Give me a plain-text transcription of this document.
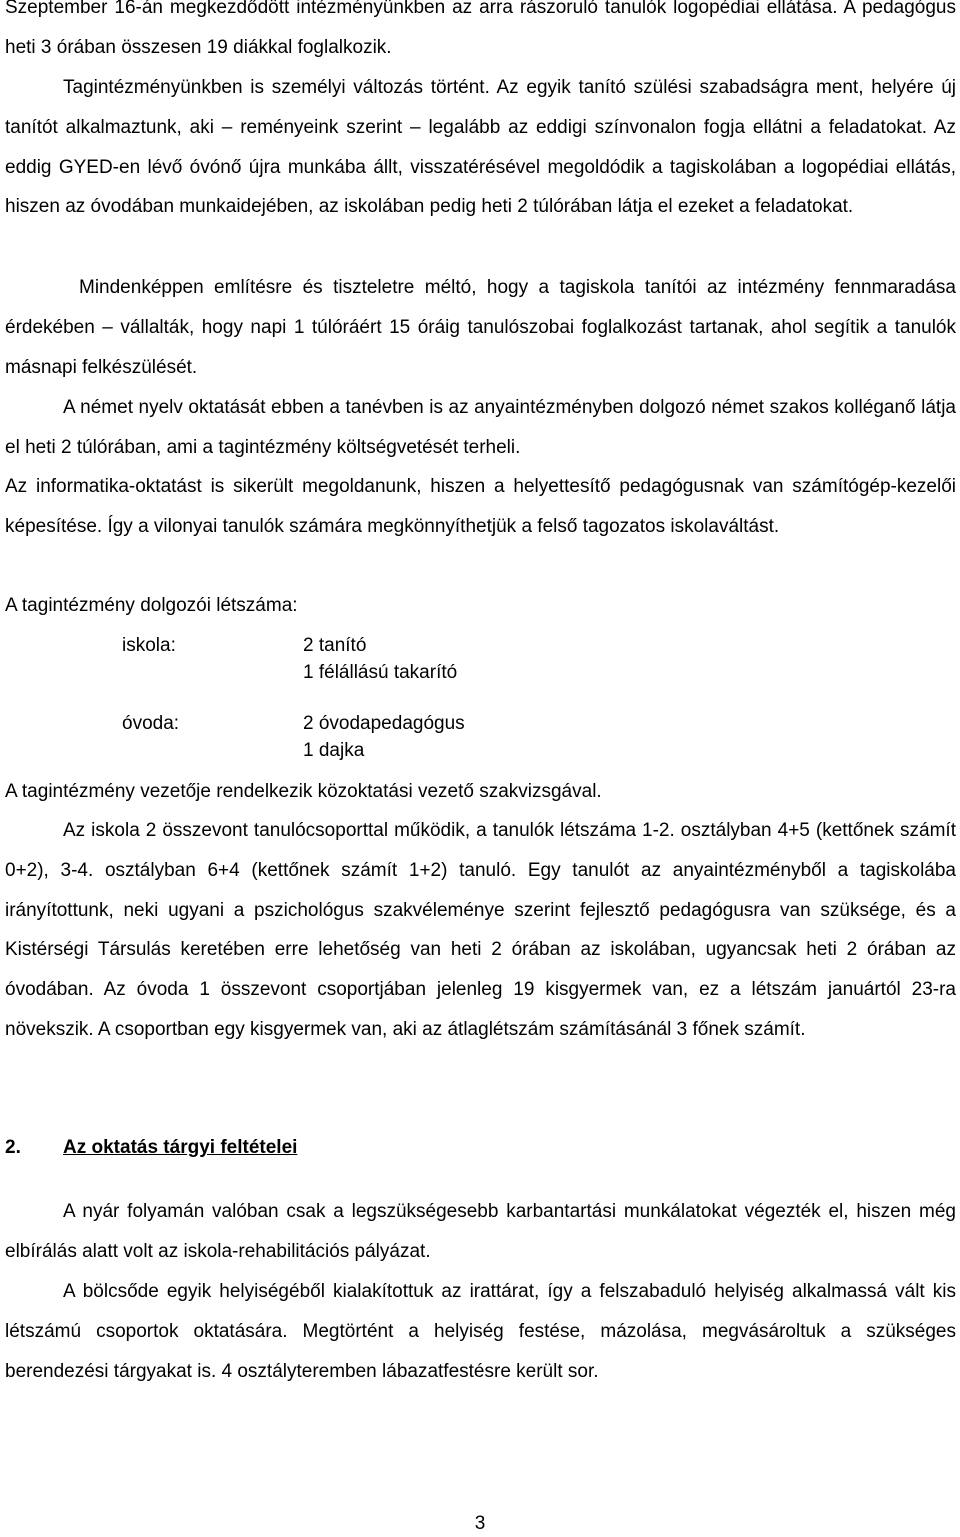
Szeptember 16-án megkezdődött intézményünkben az arra rászoruló tanulók logopédiai ellátása. A pedagógus heti 3 órában összesen 19 diákkal foglalkozik.

Tagintézményünkben is személyi változás történt. Az egyik tanító szülési szabadságra ment, helyére új tanítót alkalmaztunk, aki – reményeink szerint – legalább az eddigi színvonalon fogja ellátni a feladatokat. Az eddig GYED-en lévő óvónő újra munkába állt, visszatérésével megoldódik a tagiskolában a logopédiai ellátás, hiszen az óvodában munkaidejében, az iskolában pedig heti 2 túlórában látja el ezeket a feladatokat.

Mindenképpen említésre és tiszteletre méltó, hogy a tagiskola tanítói az intézmény fennmaradása érdekében – vállalták, hogy napi 1 túlóráért 15 óráig tanulószobai foglalkozást tartanak, ahol segítik a tanulók másnapi felkészülését.

A német nyelv oktatását ebben a tanévben is az anyaintézményben dolgozó német szakos kolléganő látja el heti 2 túlórában, ami a tagintézmény költségvetését terheli.

Az informatika-oktatást is sikerült megoldanunk, hiszen a helyettesítő pedagógusnak van számítógép-kezelői képesítése. Így a vilonyai tanulók számára megkönnyíthetjük a felső tagozatos iskolaváltást.

A tagintézmény dolgozói létszáma:

iskola:	2 tanító
1 félállású takarító
óvoda:	2 óvodapedagógus
1 dajka

A tagintézmény vezetője rendelkezik közoktatási vezető szakvizsgával.

Az iskola 2 összevont tanulócsoporttal működik, a tanulók létszáma 1-2. osztályban 4+5 (kettőnek számít 0+2), 3-4. osztályban 6+4 (kettőnek számít 1+2) tanuló. Egy tanulót az anyaintézményből a tagiskolába irányítottunk, neki ugyani a pszichológus szakvéleménye szerint fejlesztő pedagógusra van szüksége, és a Kistérségi Társulás keretében erre lehetőség van heti 2 órában az iskolában, ugyancsak heti 2 órában az óvodában. Az óvoda 1 összevont csoportjában jelenleg 19 kisgyermek van, ez a létszám januártól 23-ra növekszik. A csoportban egy kisgyermek van, aki az átlaglétszám számításánál 3 főnek számít.

2. Az oktatás tárgyi feltételei

A nyár folyamán valóban csak a legszükségesebb karbantartási munkálatokat végezték el, hiszen még elbírálás alatt volt az iskola-rehabilitációs pályázat.

A bölcsőde egyik helyiségéből kialakítottuk az irattárat, így a felszabaduló helyiség alkalmassá vált kis létszámú csoportok oktatására. Megtörtént a helyiség festése, mázolása, megvásároltuk a szükséges berendezési tárgyakat is. 4 osztályteremben lábazatfestésre került sor.

3
